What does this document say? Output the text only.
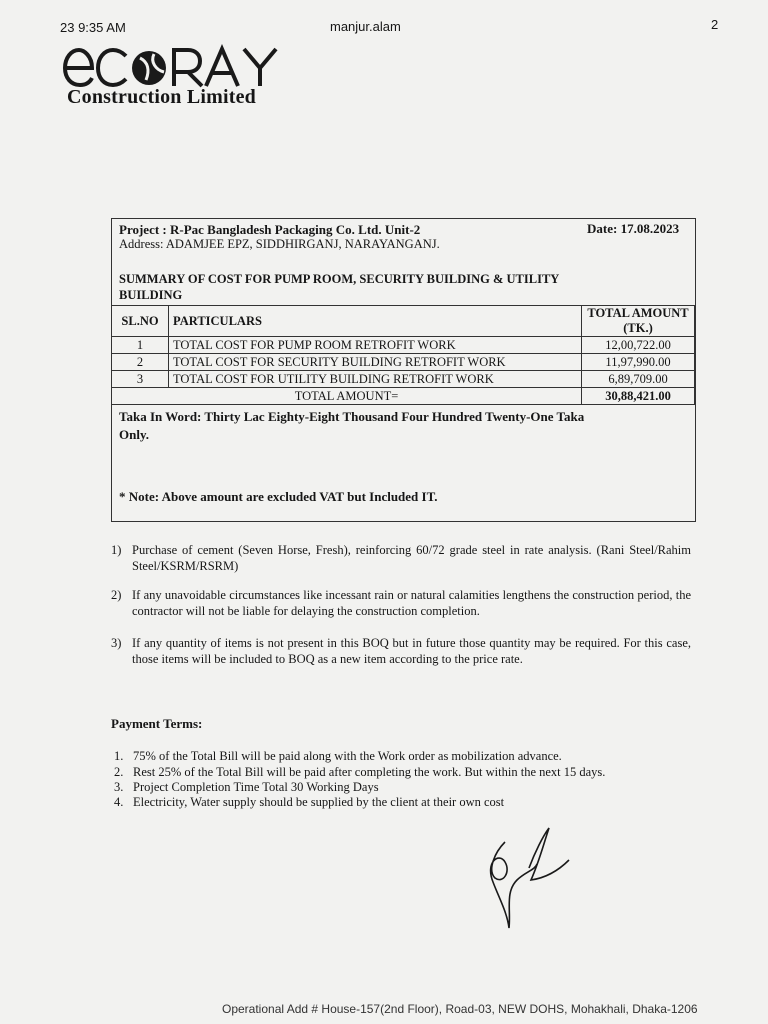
23 9:35 AM	manjur.alam	2
Construction Limited
Project : R-Pac Bangladesh Packaging Co. Ltd. Unit-2
Address: ADAMJEE EPZ, SIDDHIRGANJ, NARAYANGANJ.
Date: 17.08.2023
SUMMARY OF COST FOR PUMP ROOM, SECURITY BUILDING & UTILITY BUILDING
SL.NO	PARTICULARS	TOTAL AMOUNT (TK.)
1	TOTAL COST FOR PUMP ROOM RETROFIT WORK	12,00,722.00
2	TOTAL COST FOR SECURITY BUILDING RETROFIT WORK	11,97,990.00
3	TOTAL COST FOR UTILITY BUILDING RETROFIT WORK	6,89,709.00
TOTAL AMOUNT=		30,88,421.00
Taka In Word: Thirty Lac Eighty-Eight Thousand Four Hundred Twenty-One Taka Only.
* Note: Above amount are excluded VAT but Included IT.
1) Purchase of cement (Seven Horse, Fresh), reinforcing 60/72 grade steel in rate analysis. (Rani Steel/Rahim Steel/KSRM/RSRM)
2) If any unavoidable circumstances like incessant rain or natural calamities lengthens the construction period, the contractor will not be liable for delaying the construction completion.
3) If any quantity of items is not present in this BOQ but in future those quantity may be required. For this case, those items will be included to BOQ as a new item according to the price rate.
Payment Terms:
1. 75% of the Total Bill will be paid along with the Work order as mobilization advance.
2. Rest 25% of the Total Bill will be paid after completing the work. But within the next 15 days.
3. Project Completion Time Total 30 Working Days
4. Electricity, Water supply should be supplied by the client at their own cost
Operational Add # House-157(2nd Floor), Road-03, NEW DOHS, Mohakhali, Dhaka-1206
